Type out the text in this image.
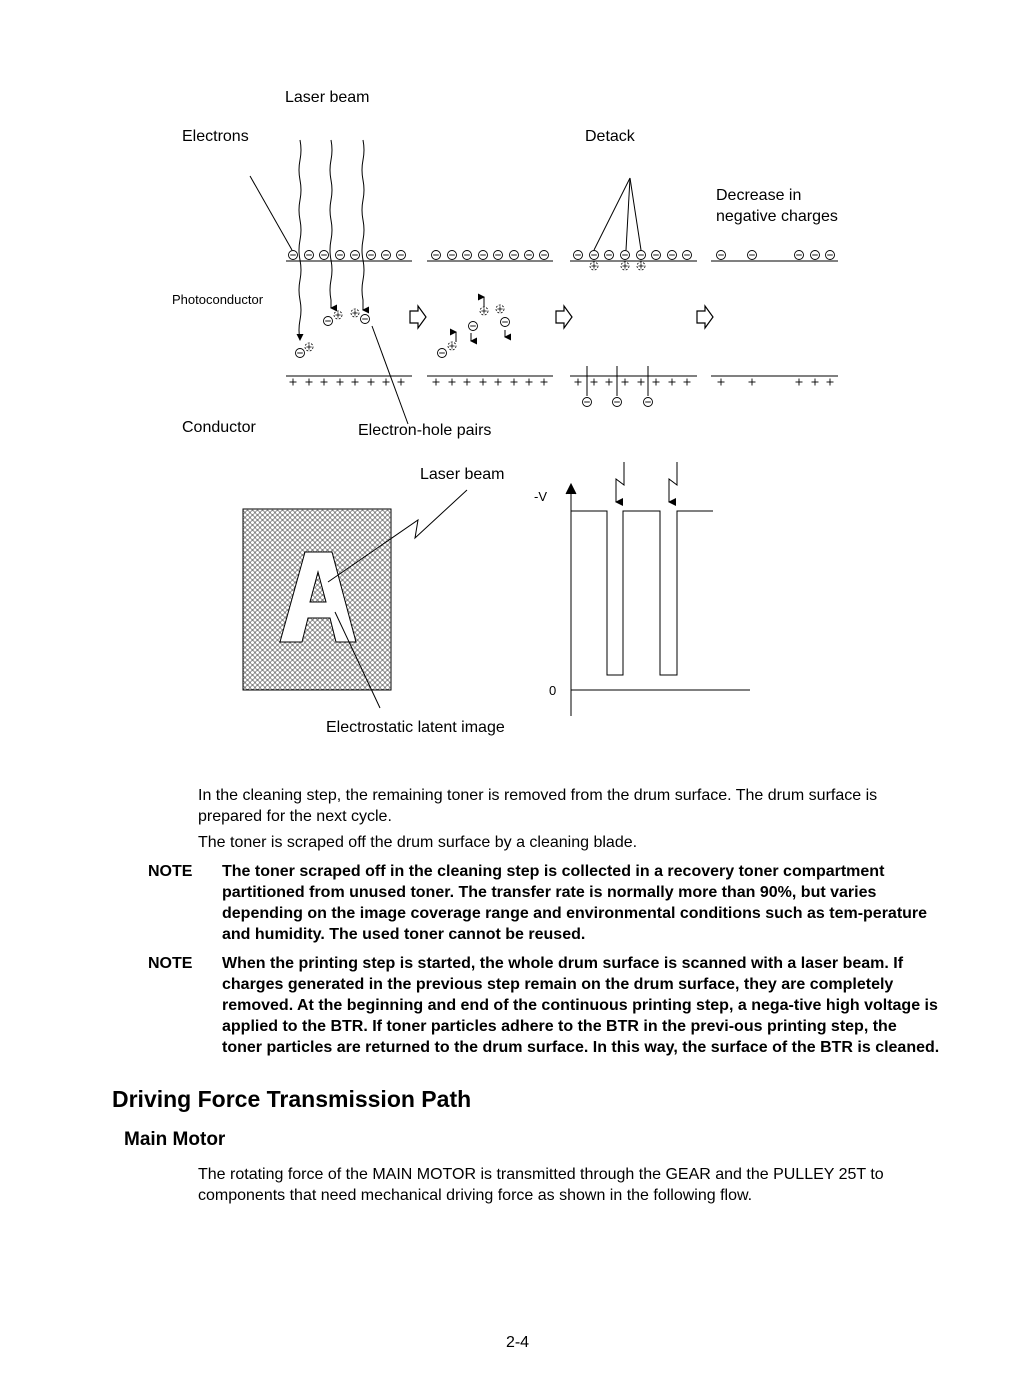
Laser beam
Electrons	Detack
Decrease in
negative charges
Photoconductor
Conductor	Electron-hole pairs
Laser beam
-V
0
Electrostatic latent image

In the cleaning step, the remaining toner is removed from the drum surface. The drum surface is prepared for the next cycle.

The toner is scraped off the drum surface by a cleaning blade.

NOTE The toner scraped off in the cleaning step is collected in a recovery toner compartment partitioned from unused toner. The transfer rate is normally more than 90%, but varies depending on the image coverage range and environmental conditions such as tem-perature and humidity. The used toner cannot be reused.

NOTE When the printing step is started, the whole drum surface is scanned with a laser beam. If charges generated in the previous step remain on the drum surface, they are completely removed. At the beginning and end of the continuous printing step, a nega-tive high voltage is applied to the BTR. If toner particles adhere to the BTR in the previ-ous printing step, the toner particles are returned to the drum surface. In this way, the surface of the BTR is cleaned.

Driving Force Transmission Path
Main Motor

The rotating force of the MAIN MOTOR is transmitted through the GEAR and the PULLEY 25T to components that need mechanical driving force as shown in the following flow.

2-4
